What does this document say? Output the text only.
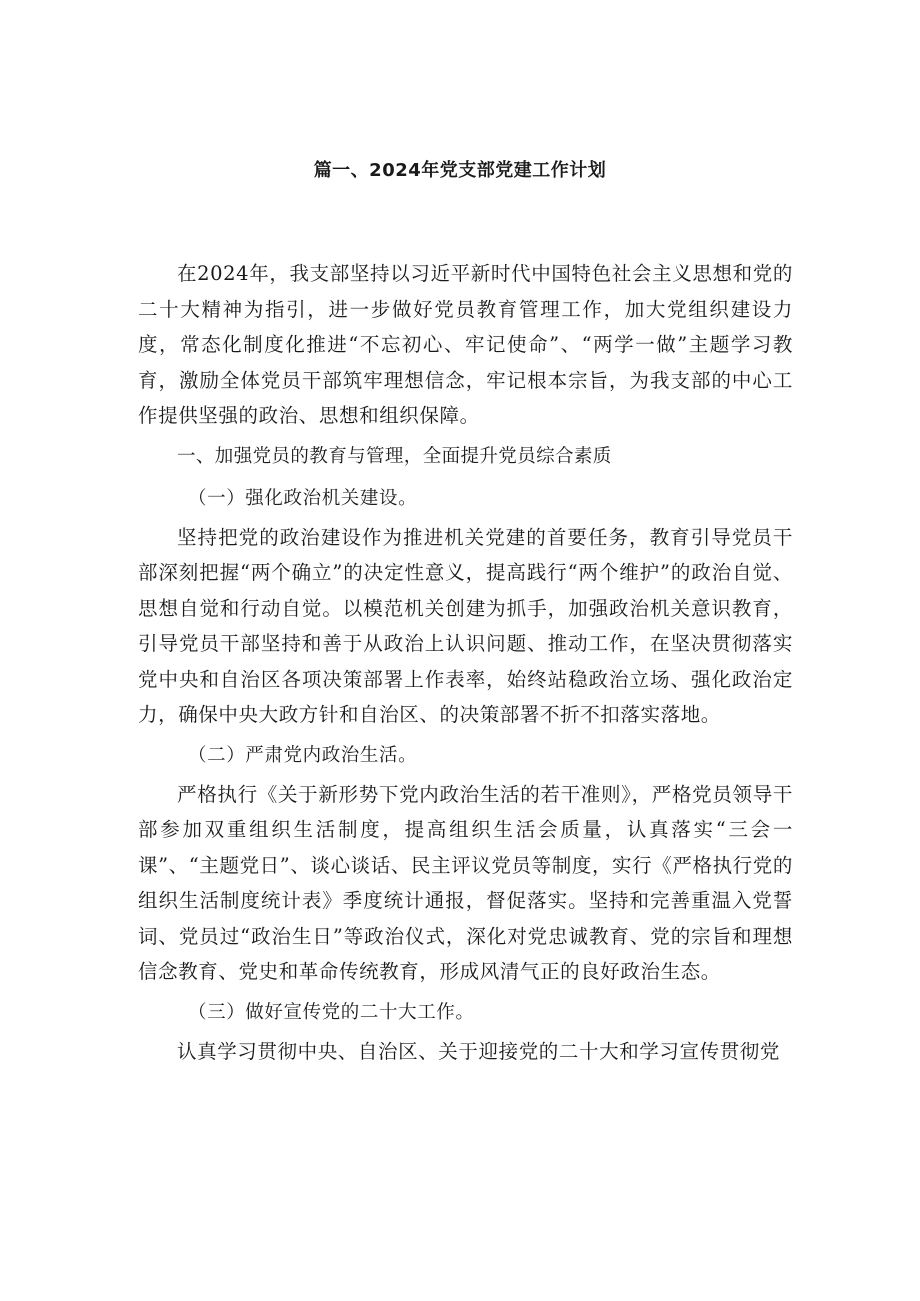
篇一、2024年党支部党建工作计划

在2024年，我支部坚持以习近平新时代中国特色社会主义思想和党的二十大精神为指引，进一步做好党员教育管理工作，加大党组织建设力度，常态化制度化推进“不忘初心、牢记使命”、“两学一做”主题学习教育，激励全体党员干部筑牢理想信念，牢记根本宗旨，为我支部的中心工作提供坚强的政治、思想和组织保障。

一、加强党员的教育与管理，全面提升党员综合素质

（一）强化政治机关建设。

坚持把党的政治建设作为推进机关党建的首要任务，教育引导党员干部深刻把握“两个确立”的决定性意义，提高践行“两个维护”的政治自觉、思想自觉和行动自觉。以模范机关创建为抓手，加强政治机关意识教育，引导党员干部坚持和善于从政治上认识问题、推动工作，在坚决贯彻落实党中央和自治区各项决策部署上作表率，始终站稳政治立场、强化政治定力，确保中央大政方针和自治区、的决策部署不折不扣落实落地。

（二）严肃党内政治生活。

严格执行《关于新形势下党内政治生活的若干准则》，严格党员领导干部参加双重组织生活制度，提高组织生活会质量，认真落实“三会一课”、“主题党日”、谈心谈话、民主评议党员等制度，实行《严格执行党的组织生活制度统计表》季度统计通报，督促落实。坚持和完善重温入党誓词、党员过“政治生日”等政治仪式，深化对党忠诚教育、党的宗旨和理想信念教育、党史和革命传统教育，形成风清气正的良好政治生态。

（三）做好宣传党的二十大工作。

认真学习贯彻中央、自治区、关于迎接党的二十大和学习宣传贯彻党
